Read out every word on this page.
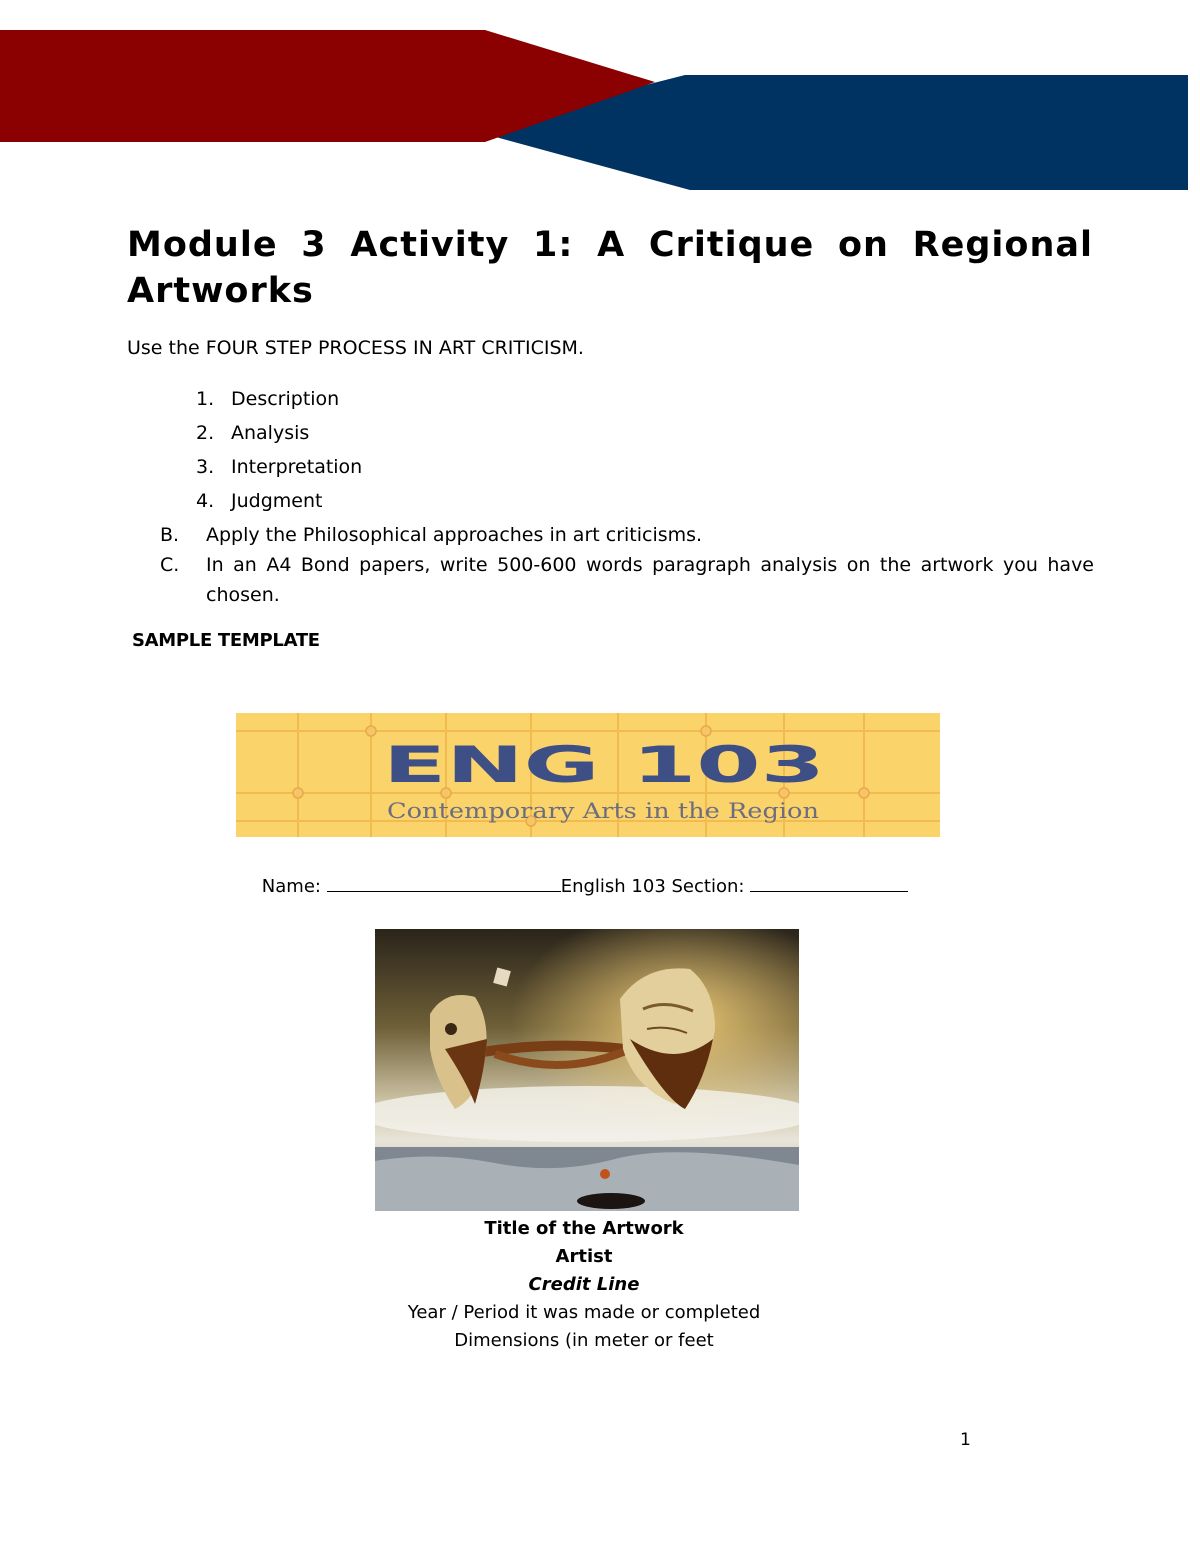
Module 3 Activity 1: A Critique on Regional Artworks

Use the FOUR STEP PROCESS IN ART CRITICISM.

1. Description
2. Analysis
3. Interpretation
4. Judgment
B.	Apply the Philosophical approaches in art criticisms.
C.	In an A4 Bond papers, write 500-600 words paragraph analysis on the artwork you have chosen.

SAMPLE TEMPLATE

ENG 103
Contemporary Arts in the Region
Name:	English 103 Section:
Title of the Artwork
Artist
Credit Line
Year / Period it was made or completed
Dimensions (in meter or feet
1
